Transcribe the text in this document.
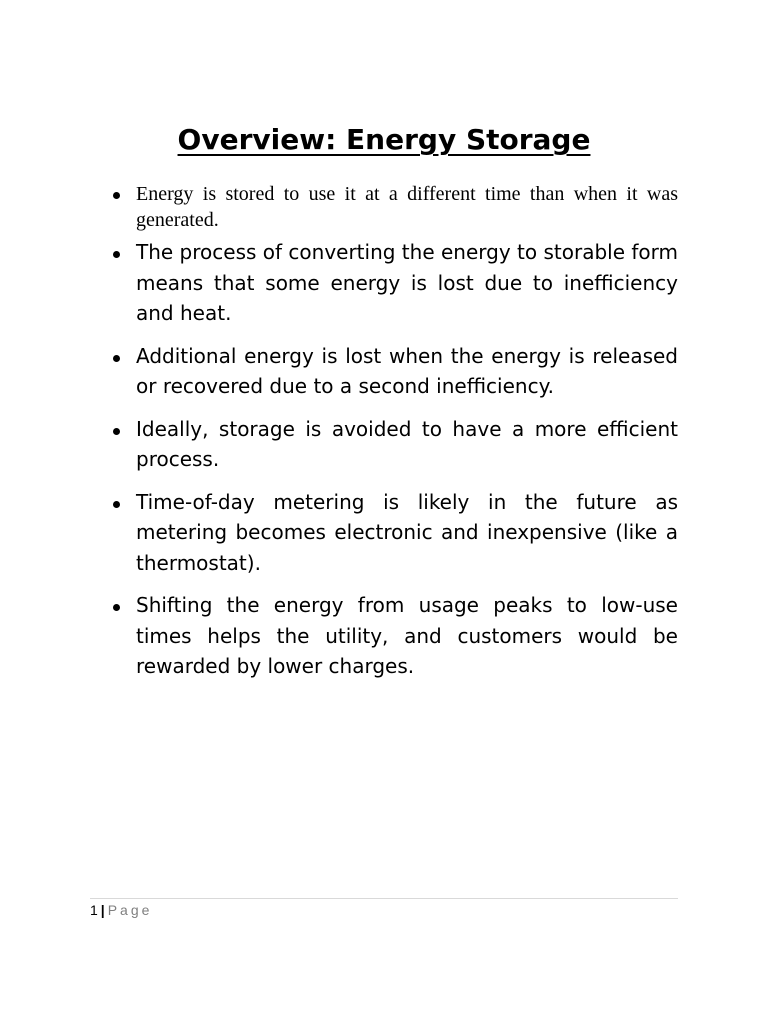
Overview: Energy Storage
Energy is stored to use it at a different time than when it was generated.
The process of converting the energy to storable form means that some energy is lost due to inefficiency and heat.
Additional energy is lost when the energy is released or recovered due to a second inefficiency.
Ideally, storage is avoided to have a more efficient process.
Time-of-day metering is likely in the future as metering becomes electronic and inexpensive (like a thermostat).
Shifting the energy from usage peaks to low-use times helps the utility, and customers would be rewarded by lower charges.
1 | Page
